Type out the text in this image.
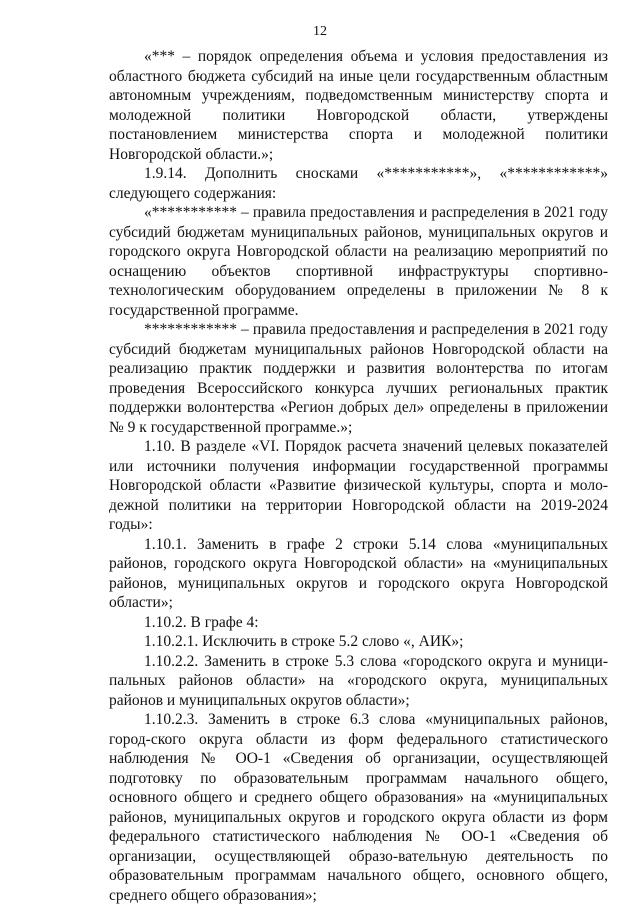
12

«*** – порядок определения объема и условия предоставления из областного бюджета субсидий на иные цели государственным областным автономным учреждениям, подведомственным министерству спорта и молодежной политики Новгородской области, утверждены постановлением министерства спорта и молодежной политики Новгородской области.»;

1.9.14. Дополнить сносками «***********», «************» следующего содержания:

«*********** – правила предоставления и распределения в 2021 году субсидий бюджетам муниципальных районов, муниципальных округов и городского округа Новгородской области на реализацию мероприятий по оснащению объектов спортивной инфраструктуры спортивно-технологическим оборудованием определены в приложении № 8 к государственной программе.

************ – правила предоставления и распределения в 2021 году субсидий бюджетам муниципальных районов Новгородской области на реализацию практик поддержки и развития волонтерства по итогам проведения Всероссийского конкурса лучших региональных практик поддержки волонтерства «Регион добрых дел» определены в приложении № 9 к государственной программе.»;

1.10. В разделе «VI. Порядок расчета значений целевых показателей или источники получения информации государственной программы Новгородской области «Развитие физической культуры, спорта и моло-дежной политики на территории Новгородской области на 2019-2024 годы»:

1.10.1. Заменить в графе 2 строки 5.14 слова «муниципальных районов, городского округа Новгородской области» на «муниципальных районов, муниципальных округов и городского округа Новгородской области»;

1.10.2. В графе 4:

1.10.2.1. Исключить в строке 5.2 слово «, АИК»;

1.10.2.2. Заменить в строке 5.3 слова «городского округа и муници-пальных районов области» на «городского округа, муниципальных районов и муниципальных округов области»;

1.10.2.3. Заменить в строке 6.3 слова «муниципальных районов, город-ского округа области из форм федерального статистического наблюдения № ОО-1 «Сведения об организации, осуществляющей подготовку по образовательным программам начального общего, основного общего и среднего общего образования» на «муниципальных районов, муниципальных округов и городского округа области из форм федерального статистического наблюдения № ОО-1 «Сведения об организации, осуществляющей образо-вательную деятельность по образовательным программам начального общего, основного общего, среднего общего образования»;
